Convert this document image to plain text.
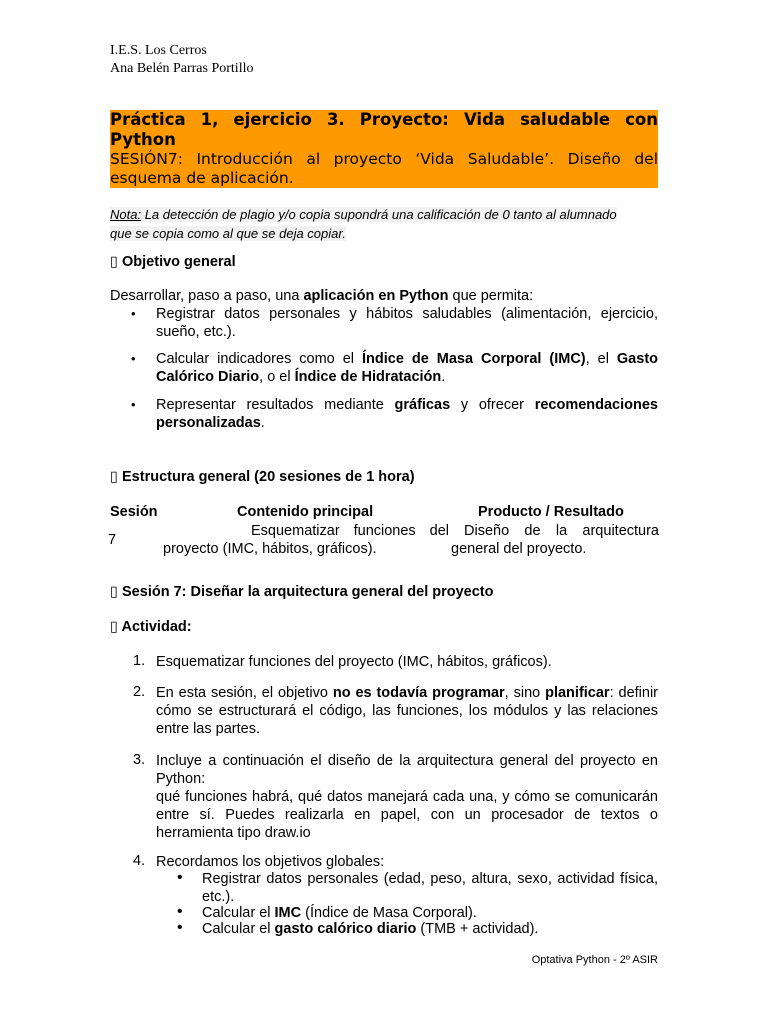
I.E.S. Los Cerros
Ana Belén Parras Portillo
Práctica 1, ejercicio 3. Proyecto: Vida saludable con Python
SESIÓN7: Introducción al proyecto ‘Vida Saludable’. Diseño del esquema de aplicación.
Nota: La detección de plagio y/o copia supondrá una calificación de 0 tanto al alumnado
que se copia como al que se deja copiar.
▯ Objetivo general
Desarrollar, paso a paso, una aplicación en Python que permita:
• Registrar datos personales y hábitos saludables (alimentación, ejercicio, sueño, etc.).
• Calcular indicadores como el Índice de Masa Corporal (IMC), el Gasto Calórico Diario, o el Índice de Hidratación.
• Representar resultados mediante gráficas y ofrecer recomendaciones personalizadas.
▯ Estructura general (20 sesiones de 1 hora)
Sesión	Contenido principal	Producto / Resultado
7
Esquematizar funciones del proyecto (IMC, hábitos, gráficos).
Diseño de la arquitectura general del proyecto.
▯ Sesión 7: Diseñar la arquitectura general del proyecto
▯ Actividad:
1. Esquematizar funciones del proyecto (IMC, hábitos, gráficos).
2. En esta sesión, el objetivo no es todavía programar, sino planificar: definir cómo se estructurará el código, las funciones, los módulos y las relaciones entre las partes.
3. Incluye a continuación el diseño de la arquitectura general del proyecto en Python:
qué funciones habrá, qué datos manejará cada una, y cómo se comunicarán entre sí. Puedes realizarla en papel, con un procesador de textos o herramienta tipo draw.io
4. Recordamos los objetivos globales:
• Registrar datos personales (edad, peso, altura, sexo, actividad física, etc.).
• Calcular el IMC (Índice de Masa Corporal).
• Calcular el gasto calórico diario (TMB + actividad).
Optativa Python - 2º ASIR
